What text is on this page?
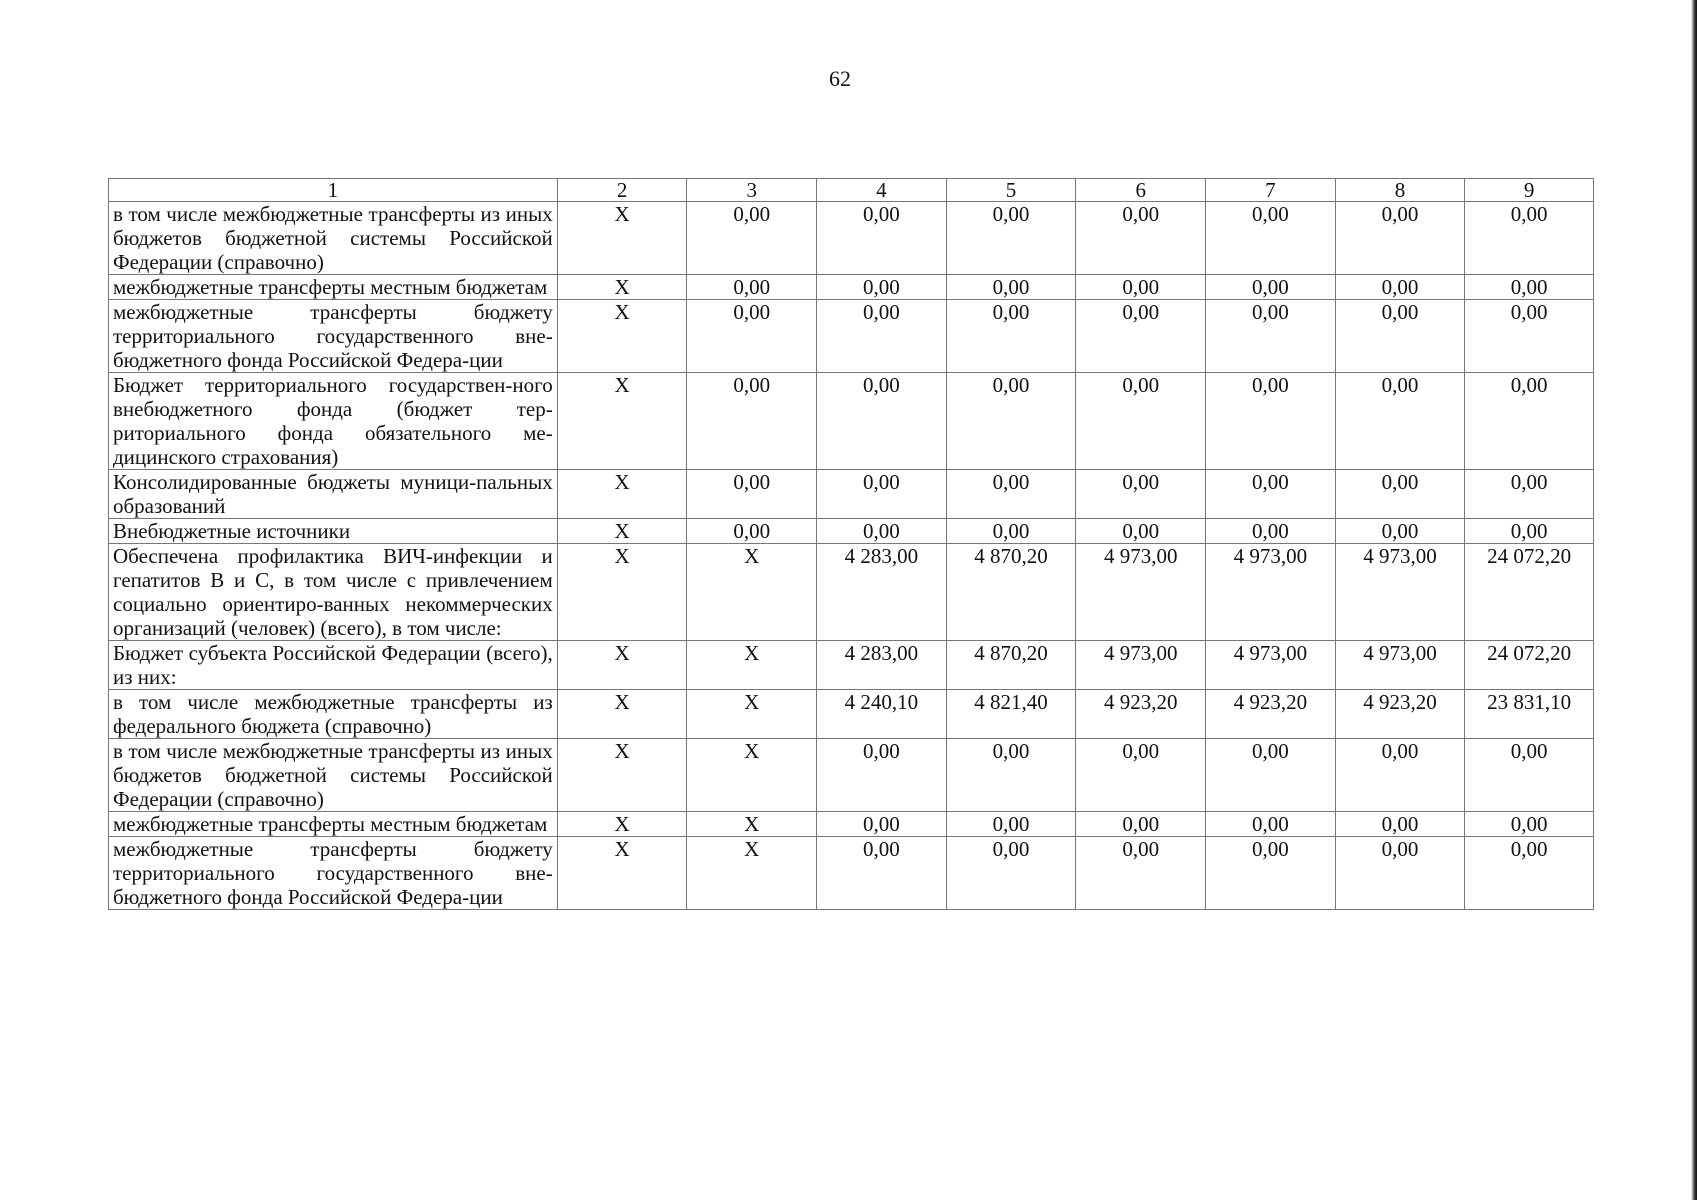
62
1	2	3	4	5	6	7	8	9
в том числе межбюджетные трансферты из иных бюджетов бюджетной системы Российской Федерации (справочно)	X	0,00	0,00	0,00	0,00	0,00	0,00	0,00
межбюджетные трансферты местным бюджетам	X	0,00	0,00	0,00	0,00	0,00	0,00	0,00
межбюджетные трансферты бюджету территориального государственного вне-бюджетного фонда Российской Федера-ции	X	0,00	0,00	0,00	0,00	0,00	0,00	0,00
Бюджет территориального государствен-ного внебюджетного фонда (бюджет тер-риториального фонда обязательного ме-дицинского страхования)	X	0,00	0,00	0,00	0,00	0,00	0,00	0,00
Консолидированные бюджеты муници-пальных образований	X	0,00	0,00	0,00	0,00	0,00	0,00	0,00
Внебюджетные источники	X	0,00	0,00	0,00	0,00	0,00	0,00	0,00
Обеспечена профилактика ВИЧ-инфекции и гепатитов B и C, в том числе с привлечением социально ориентиро-ванных некоммерческих организаций (человек) (всего), в том числе:	X	X	4 283,00	4 870,20	4 973,00	4 973,00	4 973,00	24 072,20
Бюджет субъекта Российской Федерации (всего), из них:	X	X	4 283,00	4 870,20	4 973,00	4 973,00	4 973,00	24 072,20
в том числе межбюджетные трансферты из федерального бюджета (справочно)	X	X	4 240,10	4 821,40	4 923,20	4 923,20	4 923,20	23 831,10
в том числе межбюджетные трансферты из иных бюджетов бюджетной системы Российской Федерации (справочно)	X	X	0,00	0,00	0,00	0,00	0,00	0,00
межбюджетные трансферты местным бюджетам	X	X	0,00	0,00	0,00	0,00	0,00	0,00
межбюджетные трансферты бюджету территориального государственного вне-бюджетного фонда Российской Федера-ции	X	X	0,00	0,00	0,00	0,00	0,00	0,00
